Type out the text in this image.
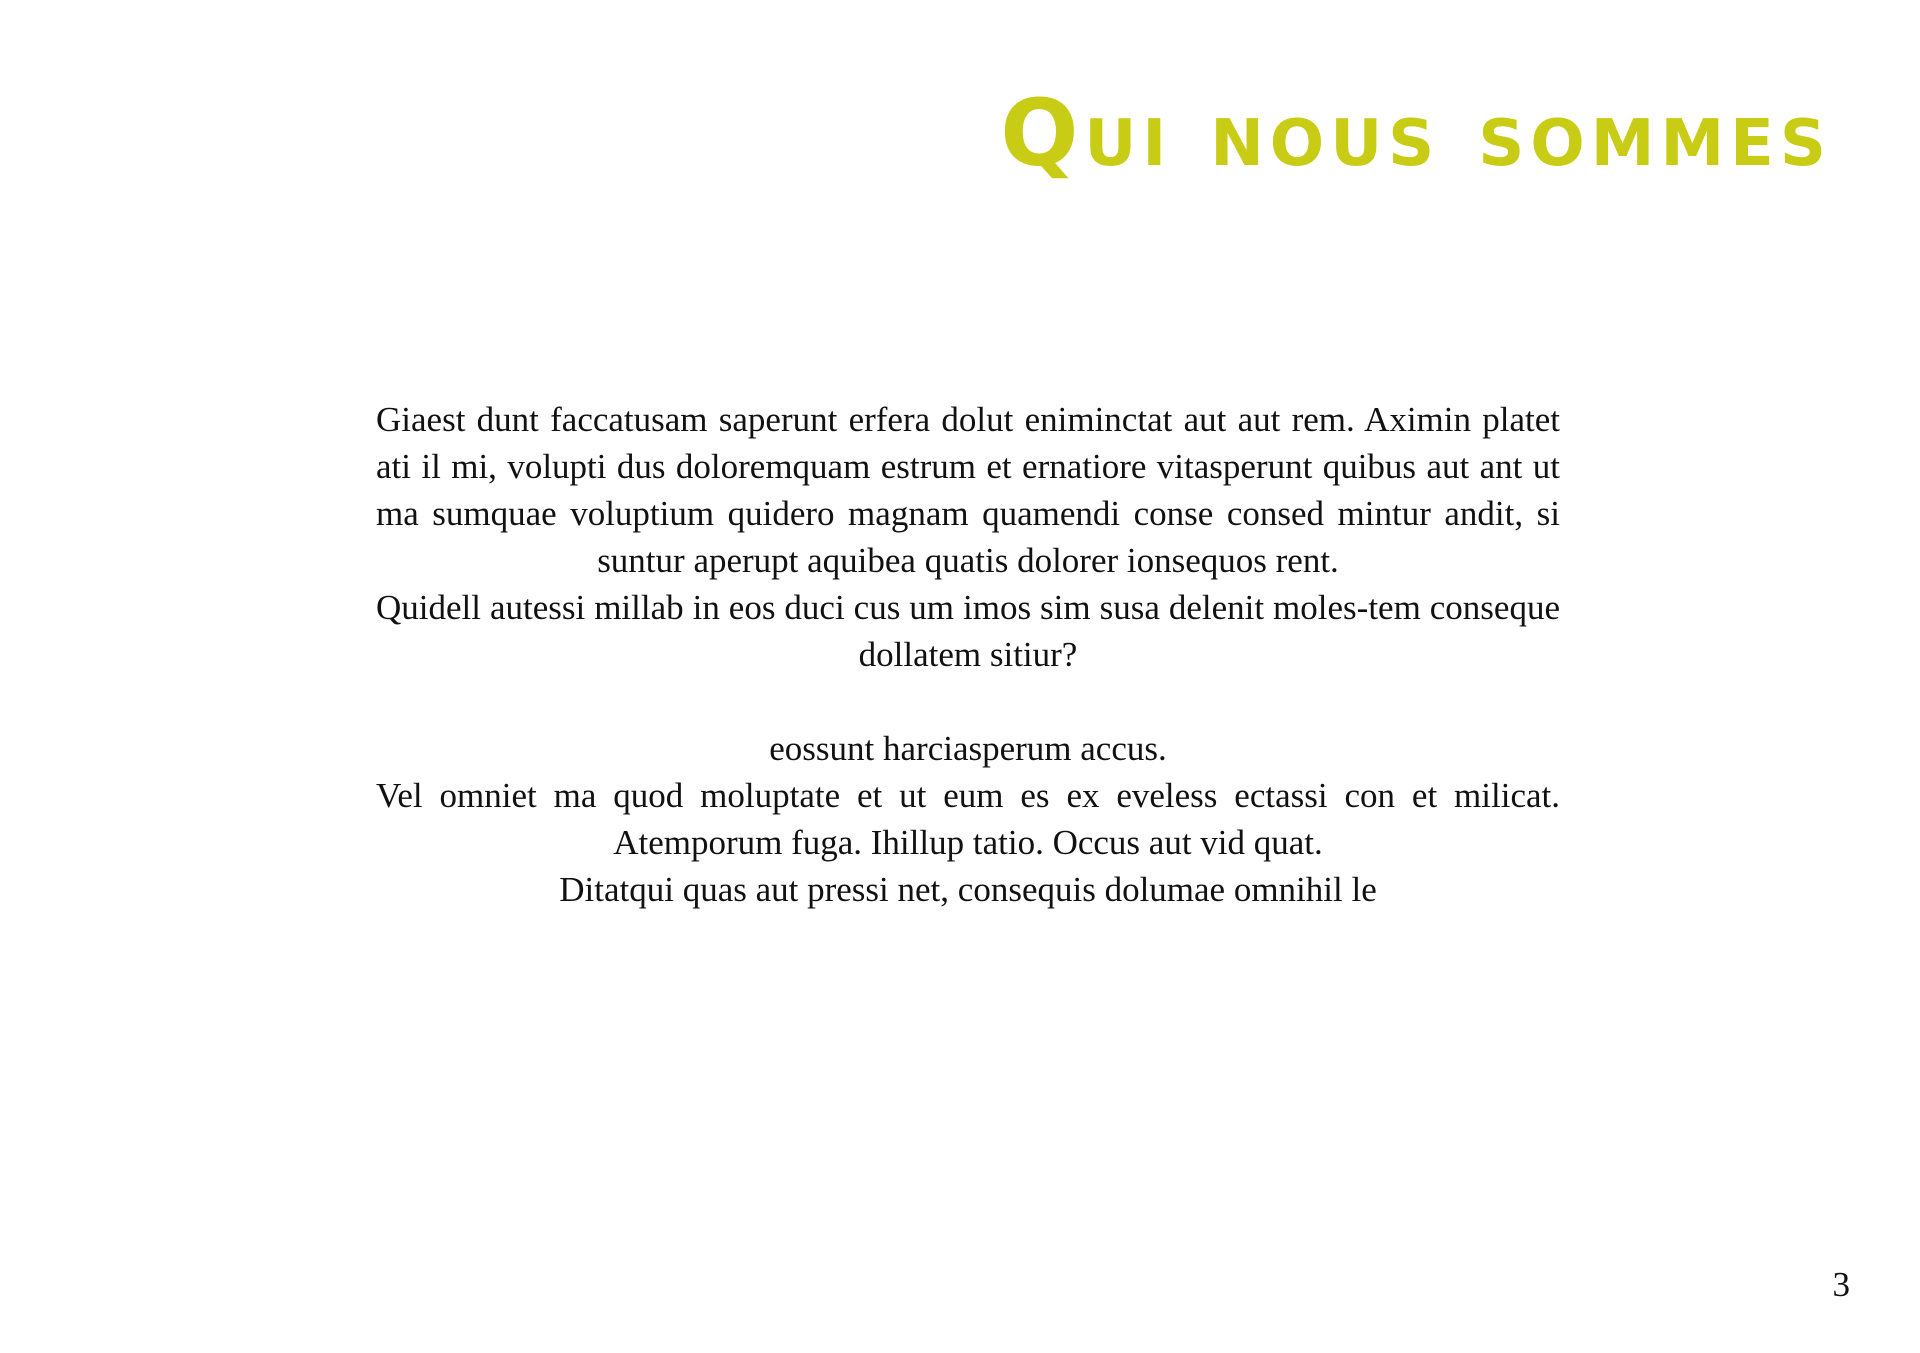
Qui nous sommes

Giaest dunt faccatusam saperunt erfera dolut eniminctat aut aut rem. Aximin platet ati il mi, volupti dus doloremquam estrum et ernatiore vitasperunt quibus aut ant ut ma sumquae voluptium quidero magnam quamendi conse consed mintur andit, si suntur aperupt aquibea quatis dolorer ionsequos rent.

Quidell autessi millab in eos duci cus um imos sim susa delenit moles-tem conseque dollatem sitiur?

eossunt harciasperum accus.

Vel omniet ma quod moluptate et ut eum es ex eveless ectassi con et milicat. Atemporum fuga. Ihillup tatio. Occus aut vid quat.

Ditatqui quas aut pressi net, consequis dolumae omnihil le

3
